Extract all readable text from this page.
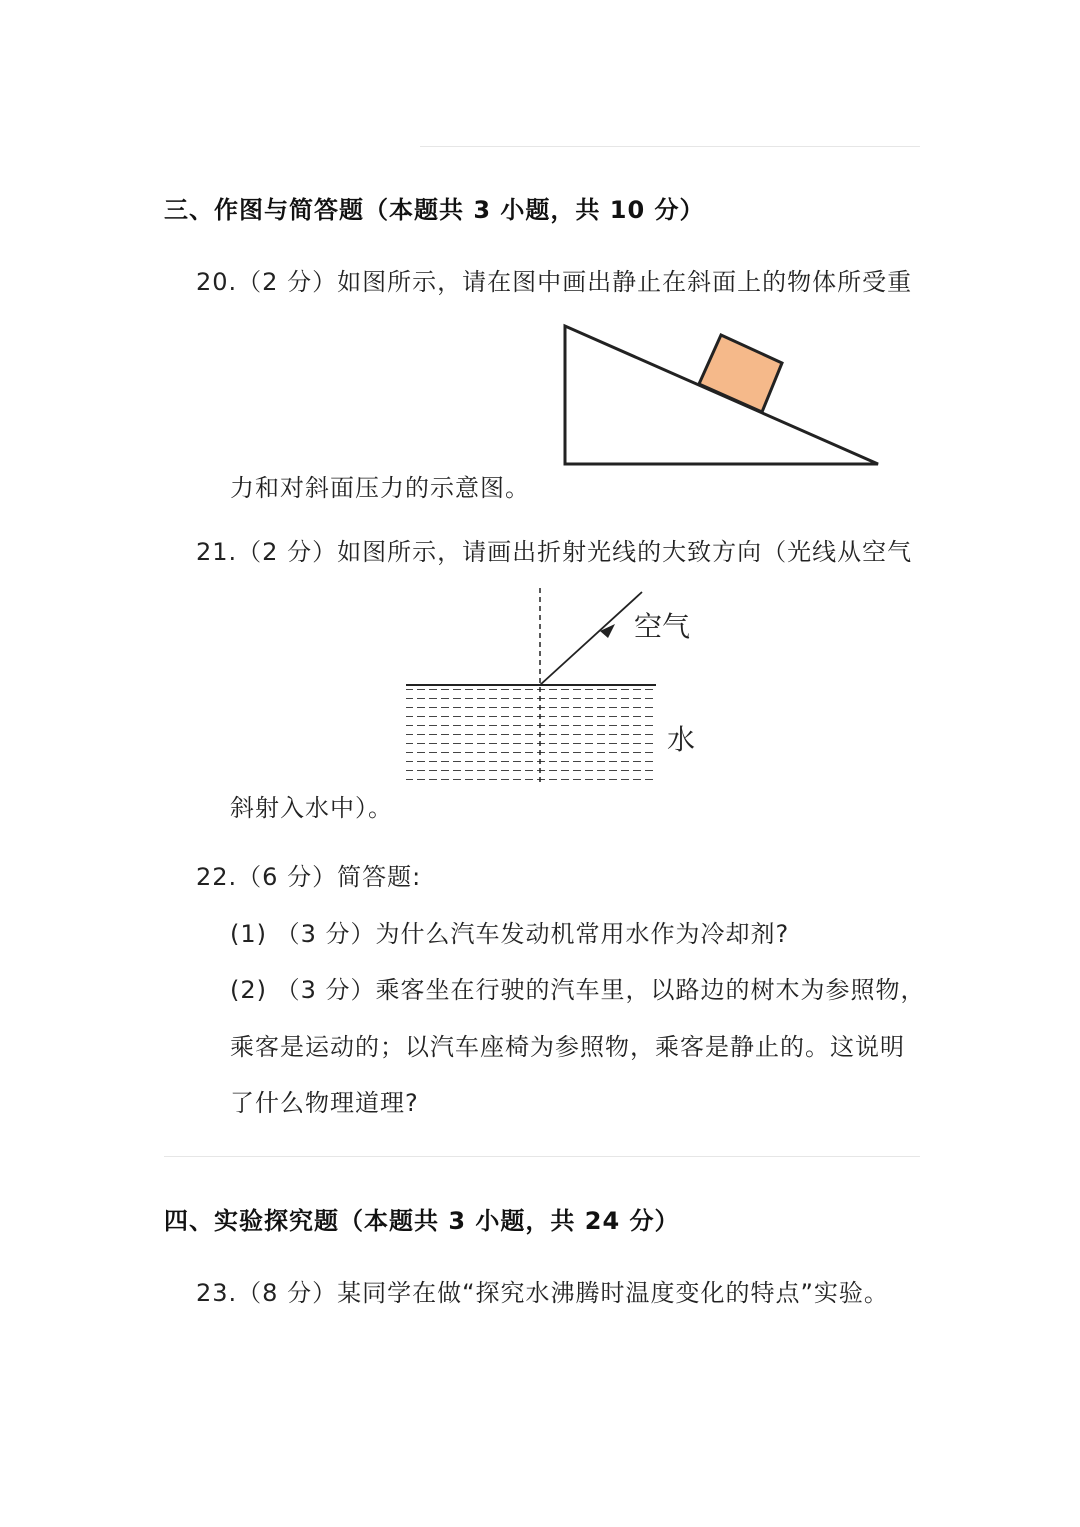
三、作图与简答题（本题共 3 小题，共 10 分）
20.（2 分）如图所示，请在图中画出静止在斜面上的物体所受重
力和对斜面压力的示意图。
21.（2 分）如图所示，请画出折射光线的大致方向（光线从空气
空气
水
斜射入水中）。
22.（6 分）简答题:
(1) （3 分）为什么汽车发动机常用水作为冷却剂?
(2) （3 分）乘客坐在行驶的汽车里，以路边的树木为参照物，
乘客是运动的；以汽车座椅为参照物，乘客是静止的。这说明
了什么物理道理?
四、实验探究题（本题共 3 小题，共 24 分）
23.（8 分）某同学在做“探究水沸腾时温度变化的特点”实验。
